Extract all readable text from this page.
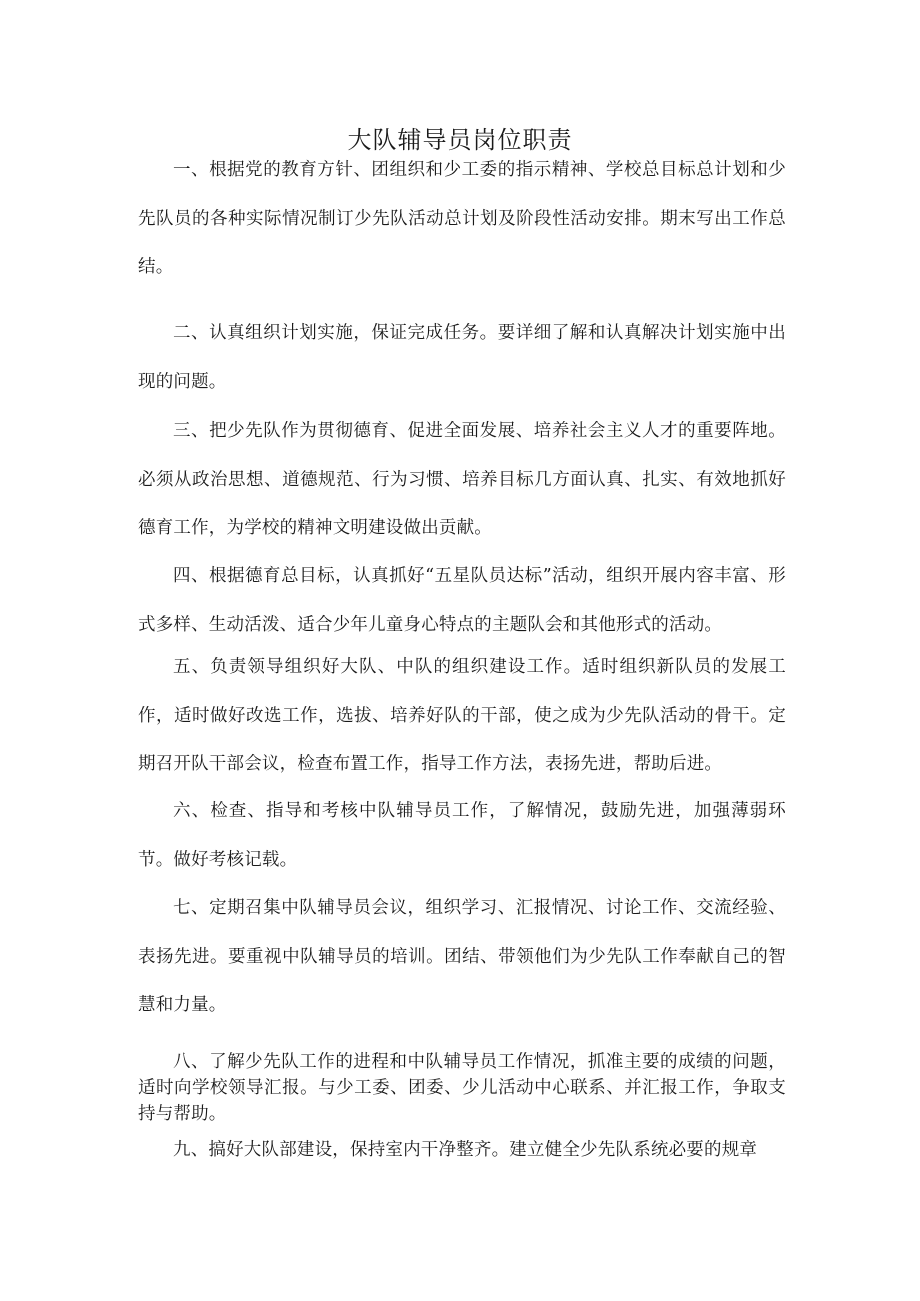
大队辅导员岗位职责
一、根据党的教育方针、团组织和少工委的指示精神、学校总目标总计划和少先队员的各种实际情况制订少先队活动总计划及阶段性活动安排。期末写出工作总结。
二、认真组织计划实施，保证完成任务。要详细了解和认真解决计划实施中出现的问题。
三、把少先队作为贯彻德育、促进全面发展、培养社会主义人才的重要阵地。必须从政治思想、道德规范、行为习惯、培养目标几方面认真、扎实、有效地抓好德育工作，为学校的精神文明建设做出贡献。
四、根据德育总目标，认真抓好“五星队员达标”活动，组织开展内容丰富、形式多样、生动活泼、适合少年儿童身心特点的主题队会和其他形式的活动。
五、负责领导组织好大队、中队的组织建设工作。适时组织新队员的发展工作，适时做好改选工作，选拔、培养好队的干部，使之成为少先队活动的骨干。定期召开队干部会议，检查布置工作，指导工作方法，表扬先进，帮助后进。
六、检查、指导和考核中队辅导员工作，了解情况，鼓励先进，加强薄弱环节。做好考核记载。
七、定期召集中队辅导员会议，组织学习、汇报情况、讨论工作、交流经验、表扬先进。要重视中队辅导员的培训。团结、带领他们为少先队工作奉献自己的智慧和力量。
八、了解少先队工作的进程和中队辅导员工作情况，抓准主要的成绩的问题，适时向学校领导汇报。与少工委、团委、少儿活动中心联系、并汇报工作，争取支持与帮助。
九、搞好大队部建设，保持室内干净整齐。建立健全少先队系统必要的规章
